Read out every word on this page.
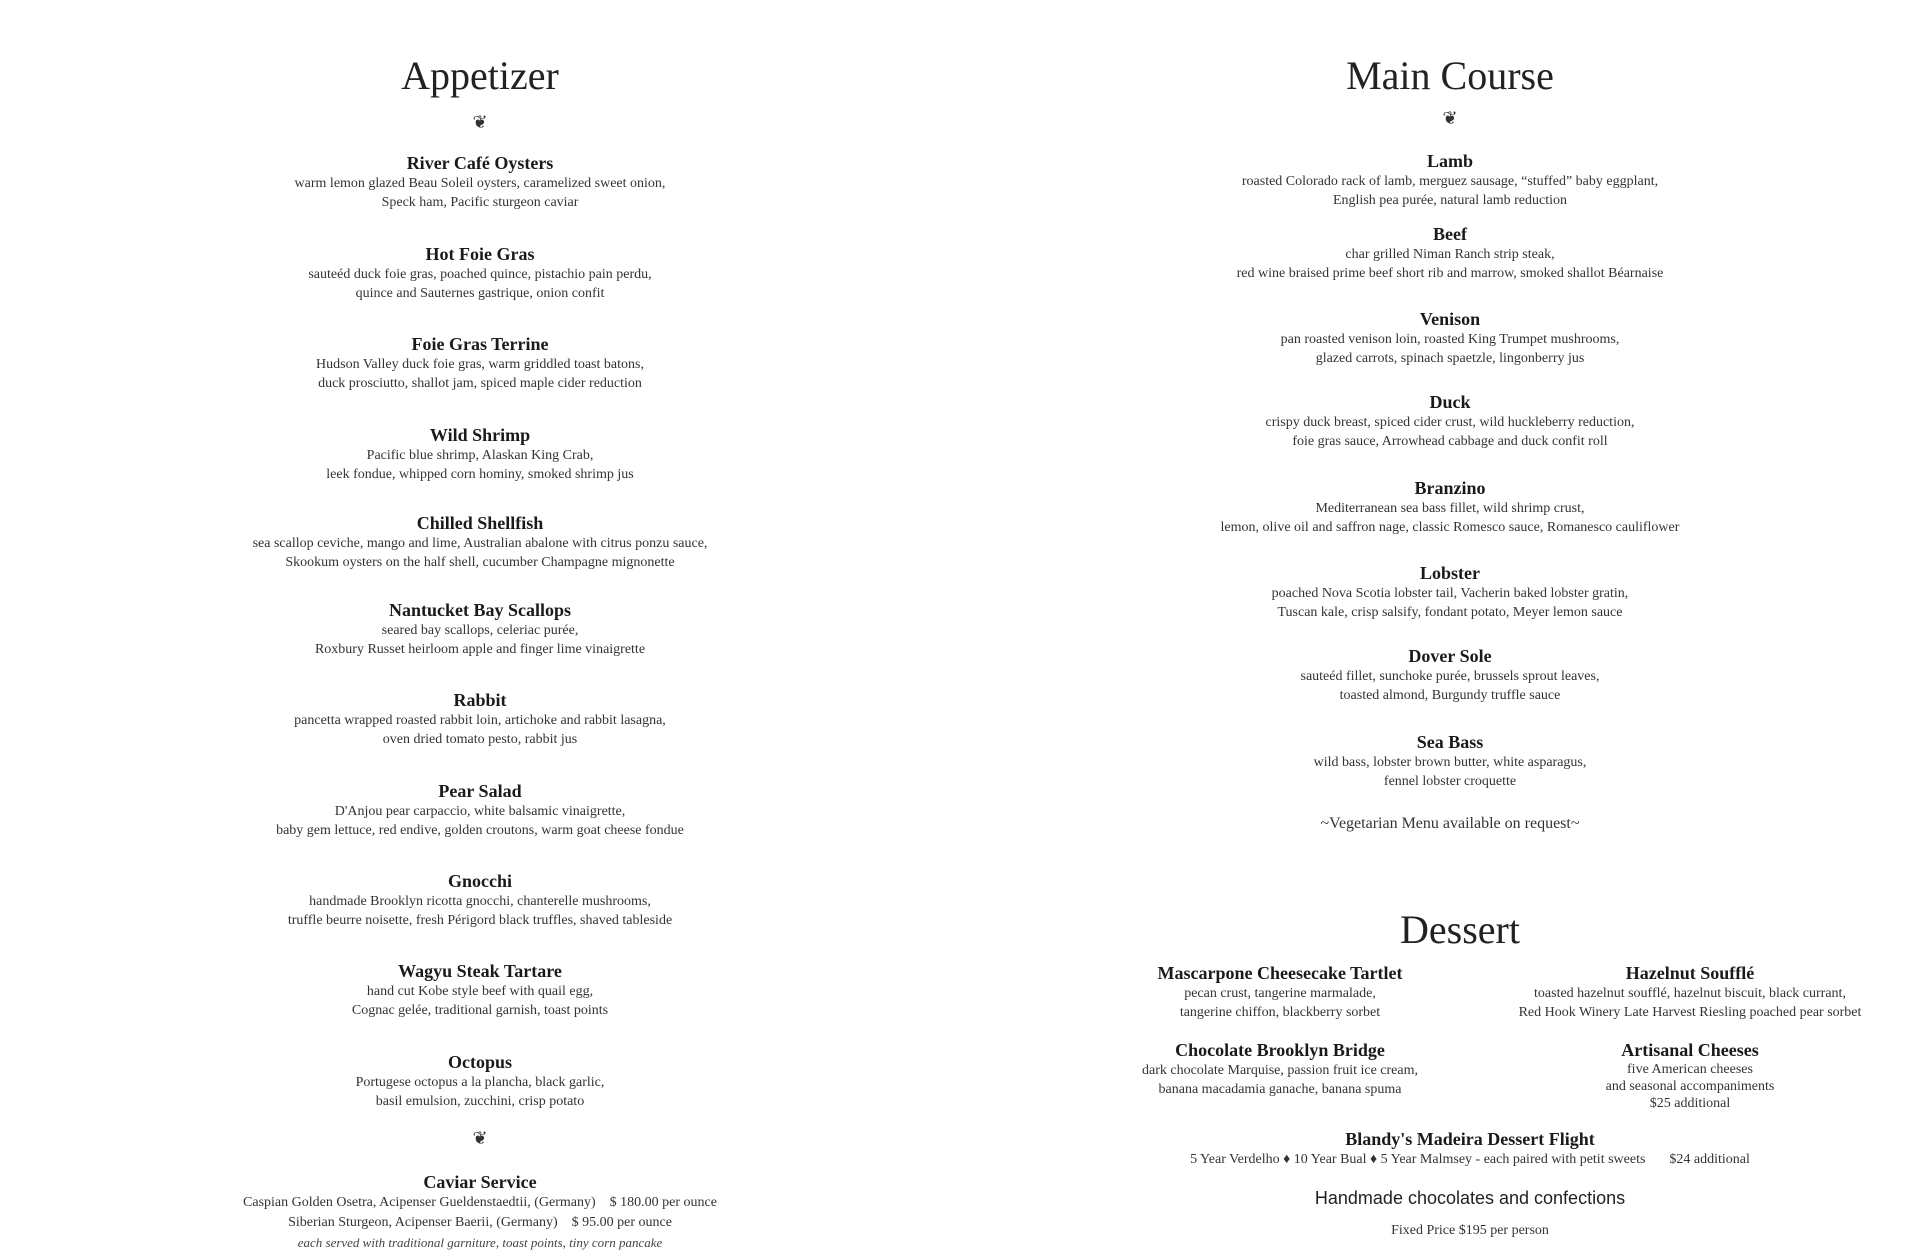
Appetizer
❦
River Café Oysters
warm lemon glazed Beau Soleil oysters, caramelized sweet onion,
Speck ham, Pacific sturgeon caviar
Hot Foie Gras
sauteéd duck foie gras, poached quince, pistachio pain perdu,
quince and Sauternes gastrique, onion confit
Foie Gras Terrine
Hudson Valley duck foie gras, warm griddled toast batons,
duck prosciutto, shallot jam, spiced maple cider reduction
Wild Shrimp
Pacific blue shrimp, Alaskan King Crab,
leek fondue, whipped corn hominy, smoked shrimp jus
Chilled Shellfish
sea scallop ceviche, mango and lime, Australian abalone with citrus ponzu sauce,
Skookum oysters on the half shell, cucumber Champagne mignonette
Nantucket Bay Scallops
seared bay scallops, celeriac purée,
Roxbury Russet heirloom apple and finger lime vinaigrette
Rabbit
pancetta wrapped roasted rabbit loin, artichoke and rabbit lasagna,
oven dried tomato pesto, rabbit jus
Pear Salad
D'Anjou pear carpaccio, white balsamic vinaigrette,
baby gem lettuce, red endive, golden croutons, warm goat cheese fondue
Gnocchi
handmade Brooklyn ricotta gnocchi, chanterelle mushrooms,
truffle beurre noisette, fresh Périgord black truffles, shaved tableside
Wagyu Steak Tartare
hand cut Kobe style beef with quail egg,
Cognac gelée, traditional garnish, toast points
Octopus
Portugese octopus a la plancha, black garlic,
basil emulsion, zucchini, crisp potato
❦
Caviar Service
Caspian Golden Osetra, Acipenser Gueldenstaedtii, (Germany) $ 180.00 per ounce
Siberian Sturgeon, Acipenser Baerii, (Germany) $ 95.00 per ounce
each served with traditional garniture, toast points, tiny corn pancake
Main Course
❦
Lamb
roasted Colorado rack of lamb, merguez sausage, “stuffed” baby eggplant,
English pea purée, natural lamb reduction
Beef
char grilled Niman Ranch strip steak,
red wine braised prime beef short rib and marrow, smoked shallot Béarnaise
Venison
pan roasted venison loin, roasted King Trumpet mushrooms,
glazed carrots, spinach spaetzle, lingonberry jus
Duck
crispy duck breast, spiced cider crust, wild huckleberry reduction,
foie gras sauce, Arrowhead cabbage and duck confit roll
Branzino
Mediterranean sea bass fillet, wild shrimp crust,
lemon, olive oil and saffron nage, classic Romesco sauce, Romanesco cauliflower
Lobster
poached Nova Scotia lobster tail, Vacherin baked lobster gratin,
Tuscan kale, crisp salsify, fondant potato, Meyer lemon sauce
Dover Sole
sauteéd fillet, sunchoke purée, brussels sprout leaves,
toasted almond, Burgundy truffle sauce
Sea Bass
wild bass, lobster brown butter, white asparagus,
fennel lobster croquette
~Vegetarian Menu available on request~
Dessert
Mascarpone Cheesecake Tartlet
pecan crust, tangerine marmalade,
tangerine chiffon, blackberry sorbet
Hazelnut Soufflé
toasted hazelnut soufflé, hazelnut biscuit, black currant,
Red Hook Winery Late Harvest Riesling poached pear sorbet
Chocolate Brooklyn Bridge
dark chocolate Marquise, passion fruit ice cream,
banana macadamia ganache, banana spuma
Artisanal Cheeses
five American cheeses
and seasonal accompaniments
$25 additional
Blandy's Madeira Dessert Flight
5 Year Verdelho ♦ 10 Year Bual ♦ 5 Year Malmsey - each paired with petit sweets $24 additional
Handmade chocolates and confections
Fixed Price $195 per person
